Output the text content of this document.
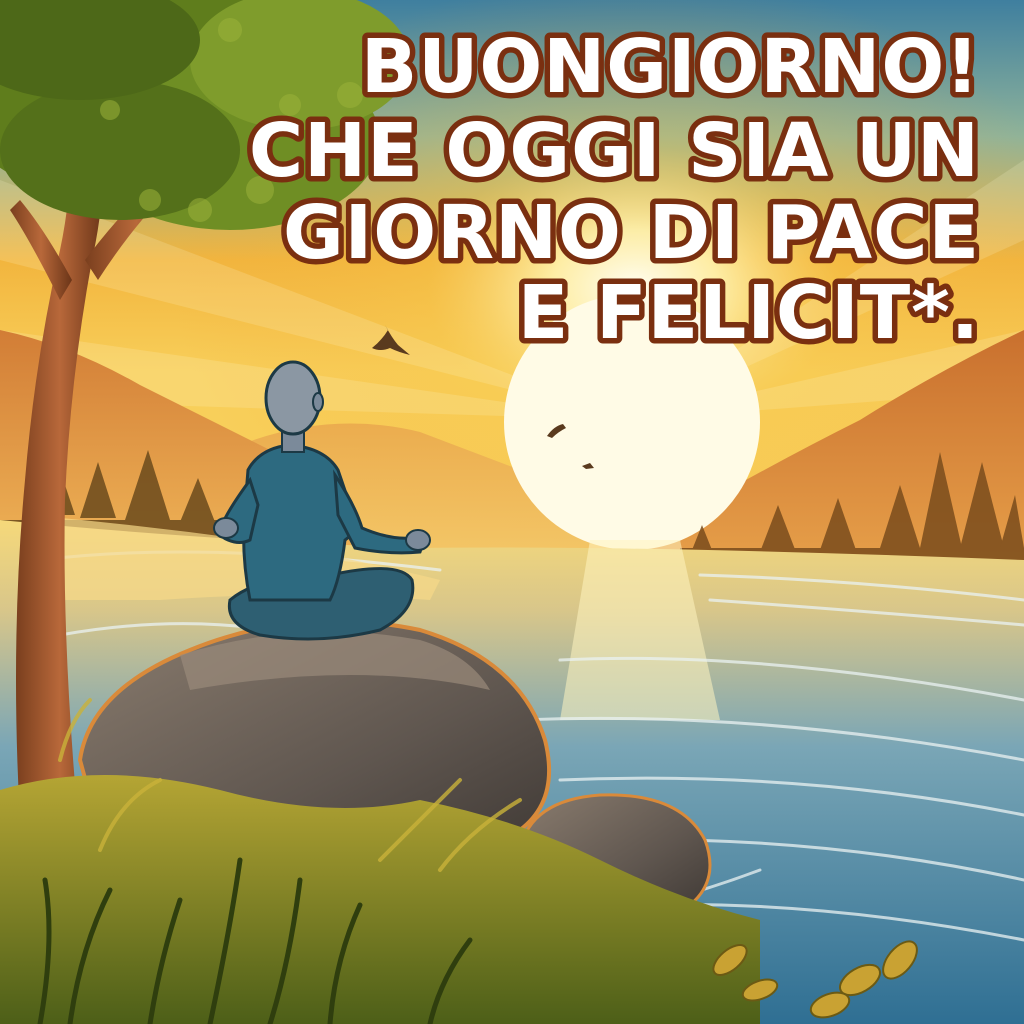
BUONGIORNO!
CHE OGGI SIA UN
GIORNO DI PACE
E FELICIT*.
